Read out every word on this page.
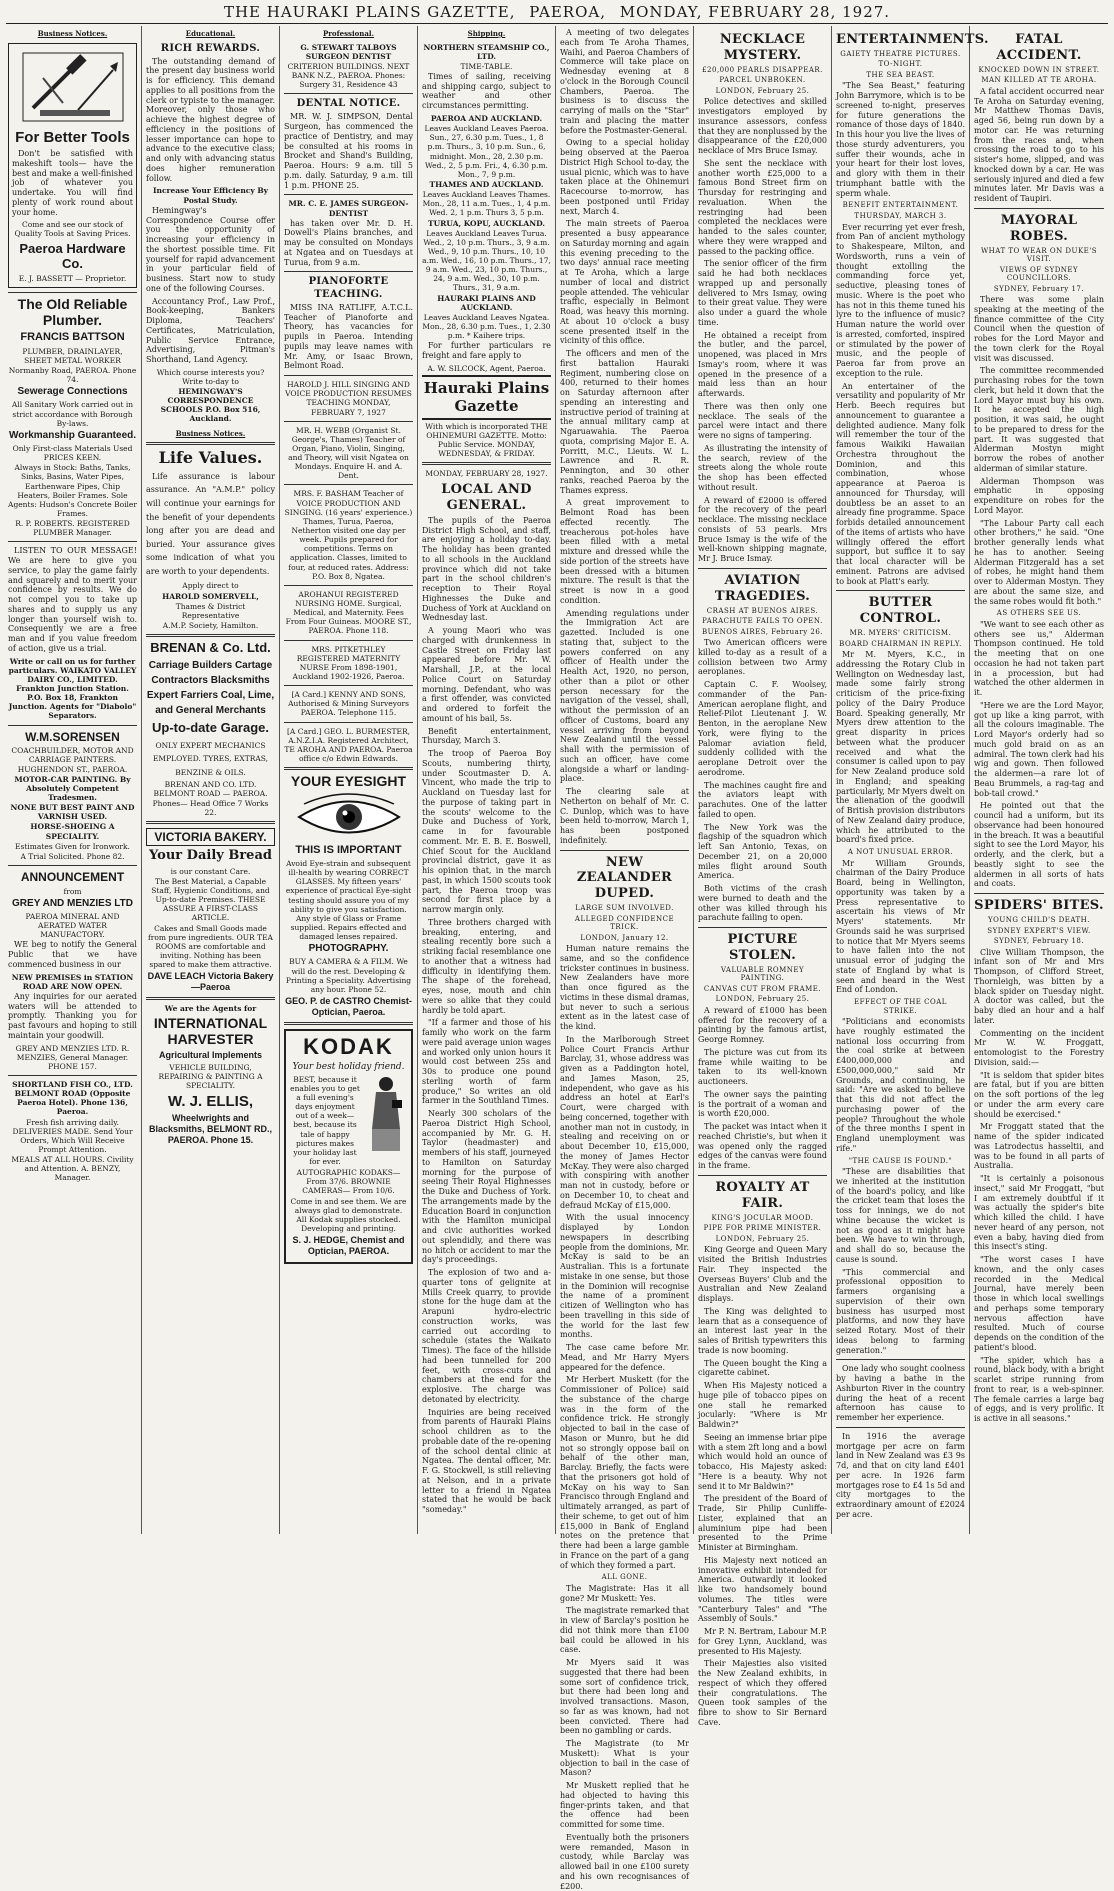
THE HAURAKI PLAINS GAZETTE, PAEROA, MONDAY, FEBRUARY 28, 1927.
Business Notices.
For Better Tools

Don't be satisfied with makeshift tools— have the best and make a well-finished job of whatever you undertake. You will find plenty of work round about your home.

Come and see our stock of Quality Tools at Saving Prices.
Paeroa Hardware Co.
E. J. BASSETT — Proprietor.
The Old Reliable Plumber.
FRANCIS BATTSON
PLUMBER, DRAINLAYER, SHEET METAL WORKER
Normanby Road, PAEROA. Phone 74.
Sewerage Connections
All Sanitary Work carried out in strict accordance with Borough By-laws.
Workmanship Guaranteed.
Only First-class Materials Used PRICES KEEN.
Always in Stock: Baths, Tanks, Sinks, Basins, Water Pipes, Earthenware Pipes, Chip Heaters, Boiler Frames. Sole Agents: Hudson's Concrete Boiler Frames.
R. P. ROBERTS. REGISTERED PLUMBER Manager.

LISTEN TO OUR MESSAGE! We are here to give you service, to play the game fairly and squarely and to merit your confidence by results. We do not compel you to take up shares and to supply us any longer than yourself wish to. Consequently we are a free man and if you value freedom of action, give us a trial.

Write or call on us for further particulars. WAIKATO VALLEY DAIRY CO., LIMITED. Frankton Junction Station. P.O. Box 18, Frankton Junction. Agents for "Diabolo" Separators.
W.M.SORENSEN
COACHBUILDER, MOTOR AND CARRIAGE PAINTERS. HUGHENDON ST., PAEROA.
MOTOR-CAR PAINTING. By Absolutely Competent Tradesmen.
NONE BUT BEST PAINT AND VARNISH USED.
HORSE-SHOEING A SPECIALITY.
Estimates Given for Ironwork.
A Trial Solicited. Phone 82.
ANNOUNCEMENT
from
GREY AND MENZIES LTD
PAEROA MINERAL AND AERATED WATER MANUFACTORY.

WE beg to notify the General Public that we have commenced business in our

NEW PREMISES in STATION ROAD ARE NOW OPEN.

Any inquiries for our aerated waters will be attended to promptly. Thanking you for past favours and hoping to still maintain your goodwill.

GREY AND MENZIES LTD. R. MENZIES, General Manager. PHONE 157.
SHORTLAND FISH CO., LTD. BELMONT ROAD (Opposite Paeroa Hotel). Phone 136, Paeroa.
Fresh fish arriving daily. DELIVERIES MADE. Send Your Orders, Which Will Receive Prompt Attention.
MEALS AT ALL HOURS. Civility and Attention. A. BENZY, Manager.
Educational.
RICH REWARDS.

The outstanding demand of the present day business world is for efficiency. This demand applies to all positions from the clerk or typiste to the manager. Moreover, only those who achieve the highest degree of efficiency in the positions of lesser importance can hope to advance to the executive class; and only with advancing status does higher remuneration follow.

Increase Your Efficiency By Postal Study.

Hemingway's Correspondence Course offer you the opportunity of increasing your efficiency in the shortest possible time. Fit yourself for rapid advancement in your particular field of business. Start now to study one of the following Courses.

Accountancy Prof., Law Prof., Book-keeping, Bankers Diploma, Teachers' Certificates, Matriculation, Public Service Entrance, Advertising, Pitman's Shorthand, Land Agency.

Which course interests you? Write to-day to
HEMINGWAY'S CORRESPONDENCE SCHOOLS P.O. Box 516, Auckland.
Business Notices.
Life Values.

Life assurance is labour assurance. An "A.M.P." policy will continue your earnings for the benefit of your dependents long after you are dead and buried. Your assurance gives some indication of what you are worth to your dependents.

Apply direct to
HAROLD SOMERVELL,
Thames & District Representative
A.M.P. Society, Hamilton.
BRENAN & Co. Ltd.
Carriage Builders Cartage Contractors Blacksmiths Expert Farriers Coal, Lime, and General Merchants
Up-to-date Garage.
ONLY EXPERT MECHANICS EMPLOYED. TYRES, EXTRAS, BENZINE & OILS.
BRENAN AND CO. LTD. BELMONT ROAD — PAEROA. Phones— Head Office 7 Works 22.
VICTORIA BAKERY.
Your Daily Bread
is our constant Care.
The Best Material, a Capable Staff, Hygienic Conditions, and Up-to-date Premises. THESE ASSURE A FIRST-CLASS ARTICLE.
Cakes and Small Goods made from pure ingredients. OUR TEA ROOMS are comfortable and inviting. Nothing has been spared to make them attractive.
DAVE LEACH Victoria Bakery—Paeroa
We are the Agents for
INTERNATIONAL HARVESTER
Agricultural Implements
VEHICLE BUILDING, REPAIRING & PAINTING A SPECIALITY.
W. J. ELLIS,
Wheelwrights and Blacksmiths, BELMONT RD., PAEROA. Phone 15.
Professional.
G. STEWART TALBOYS SURGEON DENTIST
CRITERION BUILDINGS. NEXT BANK N.Z., PAEROA. Phones: Surgery 31, Residence 43
DENTAL NOTICE.

MR. W. J. SIMPSON, Dental Surgeon, has commenced the practice of Dentistry, and may be consulted at his rooms in Brocket and Shand's Building, Paeroa. Hours: 9 a.m. till 5 p.m. daily. Saturday, 9 a.m. till 1 p.m. PHONE 25.

MR. C. E. JAMES SURGEON-DENTIST

has taken over Mr. D. H. Dowell's Plains branches, and may be consulted on Mondays at Ngatea and on Tuesdays at Turua, from 9 a.m.

PIANOFORTE TEACHING.

MISS INA RATLIFF, A.T.C.L. Teacher of Pianoforte and Theory, has vacancies for pupils in Paeroa. Intending pupils may leave names with Mr. Amy, or Isaac Brown, Belmont Road.

HAROLD J. HILL SINGING AND VOICE PRODUCTION RESUMES TEACHING MONDAY, FEBRUARY 7, 1927
MR. H. WEBB (Organist St. George's, Thames) Teacher of Organ, Piano, Violin, Singing, and Theory, will visit Ngatea on Mondays. Enquire H. and A. Dent.
MRS. F. BASHAM Teacher of VOICE PRODUCTION AND SINGING. (16 years' experience.) Thames, Turua, Paeroa, Netherton visited one day per week. Pupils prepared for competitions. Terms on application. Classes, limited to four, at reduced rates. Address: P.O. Box 8, Ngatea.
AROHANUI REGISTERED NURSING HOME. Surgical, Medical, and Maternity. Fees From Four Guineas. MOORE ST., PAEROA. Phone 118.
MRS. PITKETHLEY REGISTERED MATERNITY NURSE From 1898-1901, Auckland 1902-1926, Paeroa.
[A Card.] KENNY AND SONS, Authorised & Mining Surveyors PAEROA. Telephone 115.
[A Card.] GEO. L. BURMESTER, A.N.Z.I.A. Registered Architect, TE AROHA AND PAEROA. Paeroa office c/o Edwin Edwards.
YOUR EYESIGHT
THIS IS IMPORTANT
Avoid Eye-strain and subsequent ill-health by wearing CORRECT GLASSES. My fifteen years' experience of practical Eye-sight testing should assure you of my ability to give you satisfaction. Any style of Glass or Frame supplied. Repairs effected and damaged lenses repaired.
PHOTOGRAPHY.
BUY A CAMERA & A FILM. We will do the rest. Developing & Printing a Speciality. Advertising any hour. Phone 52.
GEO. P. de CASTRO Chemist-Optician, Paeroa.
KODAK
Your best holiday friend.
BEST, because it enables you to get a full evening's days enjoyment out of a week—best, because its tale of happy pictures makes your holiday last for ever.
AUTOGRAPHIC KODAKS— From 37/6. BROWNIE CAMERAS— From 10/6.
Come in and see them. We are always glad to demonstrate. All Kodak supplies stocked. Developing and printing.
S. J. HEDGE, Chemist and Optician, PAEROA.
Shipping.
NORTHERN STEAMSHIP CO., LTD.
TIME-TABLE.

Times of sailing, receiving and shipping cargo, subject to weather and other circumstances permitting.

PAEROA AND AUCKLAND.
Leaves Auckland Leaves Paeroa. Sun., 27, 6.30 p.m. Tues., 1, 8 p.m. Thurs., 3, 10 p.m. Sun., 6, midnight. Mon., 28, 2.30 p.m. Wed., 2, 5 p.m. Fri., 4, 6.30 p.m. Mon., 7, 9 p.m.
THAMES AND AUCKLAND.
Leaves Auckland Leaves Thames. Mon., 28, 11 a.m. Tues., 1, 4 p.m. Wed. 2, 1 p.m. Thurs 3, 5 p.m.
TURUA, KOPU, AUCKLAND.
Leaves Auckland Leaves Turua. Wed., 2, 10 p.m. Thurs., 3, 9 a.m. Wed., 9, 10 p.m. Thurs., 10, 10 a.m. Wed., 16, 10 p.m. Thurs., 17, 9 a.m. Wed., 23, 10 p.m. Thurs., 24, 9 a.m. Wed., 30, 10 p.m. Thurs., 31, 9 a.m.
HAURAKI PLAINS AND AUCKLAND.
Leaves Auckland Leaves Ngatea. Mon., 28, 6.30 p.m. Tues., 1, 2.30 p.m. * Kaihere trips.

For further particulars re freight and fare apply to

A. W. SILCOCK, Agent, Paeroa.
Hauraki Plains Gazette
With which is incorporated THE OHINEMURI GAZETTE. Motto: Public Service. MONDAY, WEDNESDAY, & FRIDAY.
MONDAY, FEBRUARY 28, 1927.
LOCAL AND GENERAL.

The pupils of the Paeroa District High School, and staff, are enjoying a holiday to-day. The holiday has been granted to all schools in the Auckland province which did not take part in the school children's reception to Their Royal Highnesses the Duke and Duchess of York at Auckland on Wednesday last.

A young Maori who was charged with drunkenness in Castle Street on Friday last appeared before Mr. W. Marshall, J.P., at the local Police Court on Saturday morning. Defendant, who was a first offender, was convicted and ordered to forfeit the amount of his bail, 5s.

Benefit entertainment, Thursday, March 3.

The troop of Paeroa Boy Scouts, numbering thirty, under Scoutmaster D. A. Vincent, who made the trip to Auckland on Tuesday last for the purpose of taking part in the scouts' welcome to the Duke and Duchess of York, came in for favourable comment. Mr. E. B. E. Boswell, Chief Scout for the Auckland provincial district, gave it as his opinion that, in the march past, in which 1500 scouts took part, the Paeroa troop was second for first place by a narrow margin only.

Three brothers charged with breaking, entering, and stealing recently bore such a striking facial resemblance one to another that a witness had difficulty in identifying them. The shape of the forehead, eyes, nose, mouth and chin were so alike that they could hardly be told apart.

"If a farmer and those of his family who work on the farm were paid average union wages and worked only union hours it would cost between 25s and 30s to produce one pound sterling worth of farm produce," So writes an old farmer in the Southland Times.

Nearly 300 scholars of the Paeroa District High School, accompanied by Mr. G. H. Taylor (headmaster) and members of his staff, journeyed to Hamilton on Saturday morning for the purpose of seeing Their Royal Highnesses the Duke and Duchess of York. The arrangements made by the Education Board in conjunction with the Hamilton municipal and civic authorities worked out splendidly, and there was no hitch or accident to mar the day's proceedings.

The explosion of two and a-quarter tons of gelignite at Mills Creek quarry, to provide stone for the huge dam at the Arapuni hydro-electric construction works, was carried out according to schedule (states the Waikato Times). The face of the hillside had been tunnelled for 200 feet, with cross-cuts and chambers at the end for the explosive. The charge was detonated by electricity.

Inquiries are being received from parents of Hauraki Plains school children as to the probable date of the re-opening of the school dental clinic at Ngatea. The dental officer, Mr. F. G. Stockwell, is still relieving at Nelson, and in a private letter to a friend in Ngatea stated that he would be back "someday."

A meeting of two delegates each from Te Aroha Thames, Waihi, and Paeroa Chambers of Commerce will take place on Wednesday evening at 8 o'clock in the Borough Council Chambers, Paeroa. The business is to discuss the carrying of mails on the "Star" train and placing the matter before the Postmaster-General.

Owing to a special holiday being observed at the Paeroa District High School to-day, the usual picnic, which was to have taken place at the Ohinemuri Racecourse to-morrow, has been postponed until Friday next, March 4.

The main streets of Paeroa presented a busy appearance on Saturday morning and again this evening preceding to the two days' annual race meeting at Te Aroha, which a large number of local and district people attended. The vehicular traffic, especially in Belmont Road, was heavy this morning. At about 10 o'clock a busy scene presented itself in the vicinity of this office.

The officers and men of the first battalion Hauraki Regiment, numbering close on 400, returned to their homes on Saturday afternoon after spending an interesting and instructive period of training at the annual military camp at Ngaruawahia. The Paeroa quota, comprising Major E. A. Porritt, M.C., Lieuts. W. L. Lawrence and R. R. Pennington, and 30 other ranks, reached Paeroa by the Thames express.

A great improvement to Belmont Road has been effected recently. The treacherous pot-holes have been filled with a metal mixture and dressed while the side portion of the streets have been dressed with a bitumen mixture. The result is that the street is now in a good condition.

Amending regulations under the Immigration Act are gazetted. Included is one stating that, subject to the powers conferred on any officer of Health under the Health Act, 1920, no person, other than a pilot or other person necessary for the navigation of the vessel, shall, without the permission of an officer of Customs, board any vessel arriving from beyond New Zealand until the vessel shall with the permission of such an officer, have come alongside a wharf or landing-place.

The clearing sale at Netherton on behalf of Mr. C. C. Dunlop, which was to have been held to-morrow, March 1, has been postponed indefinitely.

NEW ZEALANDER DUPED.
LARGE SUM INVOLVED.
ALLEGED CONFIDENCE TRICK.
LONDON, January 12.

Human nature remains the same, and so the confidence trickster continues in business. New Zealanders have more than once figured as the victims in these dismal dramas, but never to such a serious extent as in the latest case of the kind.

In the Marlborough Street Police Court Francis Arthur Barclay, 31, whose address was given as a Paddington hotel, and James Mason, 25, independent, who gave as his address an hotel at Earl's Court, were charged with being concerned, together with another man not in custody, in stealing and receiving on or about December 10, £15,000, the money of James Hector McKay. They were also charged with conspiring with another man not in custody, before or on December 10, to cheat and defraud McKay of £15,000.

With the usual innocency displayed by London newspapers in describing people from the dominions, Mr. McKay is said to be an Australian. This is a fortunate mistake in one sense, but those in the Dominion will recognise the name of a prominent citizen of Wellington who has been travelling in this side of the world for the last few months.

The case came before Mr. Mead, and Mr Harry Myers appeared for the defence.

Mr Herbert Muskett (for the Commissioner of Police) said the substance of the charge was in the form of the confidence trick. He strongly objected to bail in the case of Mason or Munro, but he did not so strongly oppose bail on behalf of the other man, Barclay. Briefly, the facts were that the prisoners got hold of McKay on his way to San Francisco through England and ultimately arranged, as part of their scheme, to get out of him £15,000 in Bank of England notes on the pretence that there had been a large gamble in France on the part of a gang of which they formed a part.

ALL GONE.

The Magistrate: Has it all gone? Mr Muskett: Yes.

The magistrate remarked that in view of Barclay's position he did not think more than £100 bail could be allowed in his case.

Mr Myers said it was suggested that there had been some sort of confidence trick, but there had been long and involved transactions. Mason, so far as was known, had not been convicted. There had been no gambling or cards.

The Magistrate (to Mr Muskett): What is your objection to bail in the case of Mason?

Mr Muskett replied that he had objected to having this finger-prints taken, and that the offence had been committed for some time.

Eventually both the prisoners were remanded, Mason in custody, while Barclay was allowed bail in one £100 surety and his own recognisances of £200.

NECKLACE MYSTERY.
£20,000 PEARLS DISAPPEAR.
PARCEL UNBROKEN.
LONDON, February 25.

Police detectives and skilled investigators employed by insurance assessors, confess that they are nonplussed by the disappearance of the £20,000 necklace of Mrs Bruce Ismay.

She sent the necklace with another worth £25,000 to a famous Bond Street firm on Thursday for restringing and revaluation. When the restringing had been completed the necklaces were handed to the sales counter, where they were wrapped and passed to the packing office.

The senior officer of the firm said he had both necklaces wrapped up and personally delivered to Mrs Ismay, owing to their great value. They were also under a guard the whole time.

He obtained a receipt from the butler, and the parcel, unopened, was placed in Mrs Ismay's room, where it was opened in the presence of a maid less than an hour afterwards.

There was then only one necklace. The seals of the parcel were intact and there were no signs of tampering.

As illustrating the intensity of the search, review of the streets along the whole route the shop has been effected without result.

A reward of £2000 is offered for the recovery of the pearl necklace. The missing necklace consists of 53 pearls. Mrs Bruce Ismay is the wife of the well-known shipping magnate, Mr J. Bruce Ismay.

AVIATION TRAGEDIES.
CRASH AT BUENOS AIRES.
PARACHUTE FAILS TO OPEN.
BUENOS AIRES, February 26.

Two American officers were killed to-day as a result of a collision between two Army aeroplanes.

Captain C. F. Woolsey, commander of the Pan-American aeroplane flight, and Relief-Pilot Lieutenant J. W. Benton, in the aeroplane New York, were flying to the Palomar aviation field, suddenly collided with the aeroplane Detroit over the aerodrome.

The machines caught fire and the aviators leapt with parachutes. One of the latter failed to open.

The New York was the flagship of the squadron which left San Antonio, Texas, on December 21, on a 20,000 miles flight around South America.

Both victims of the crash were burned to death and the other was killed through his parachute failing to open.

PICTURE STOLEN.
VALUABLE ROMNEY PAINTING.
CANVAS CUT FROM FRAME.
LONDON, February 25.

A reward of £1000 has been offered for the recovery of a painting by the famous artist, George Romney.

The picture was cut from its frame while waiting to be taken to its well-known auctioneers.

The owner says the painting is the portrait of a woman and is worth £20,000.

The packet was intact when it reached Christie's, but when it was opened only the ragged edges of the canvas were found in the frame.

ROYALTY AT FAIR.
KING'S JOCULAR MOOD.
PIPE FOR PRIME MINISTER.
LONDON, February 25.

King George and Queen Mary visited the British Industries Fair. They inspected the Overseas Buyers' Club and the Australian and New Zealand displays.

The King was delighted to learn that as a consequence of an interest last year in the sales of British typewriters this trade is now booming.

The Queen bought the King a cigarette cabinet.

When His Majesty noticed a huge pile of tobacco pipes on one stall he remarked jocularly: "Where is Mr Baldwin?"

Seeing an immense briar pipe with a stem 2ft long and a bowl which would hold an ounce of tobacco, His Majesty asked: "Here is a beauty. Why not send it to Mr Baldwin?"

The president of the Board of Trade, Sir Philip Cunliffe-Lister, explained that an aluminium pipe had been presented to the Prime Minister at Birmingham.

His Majesty next noticed an innovative exhibit intended for America. Outwardly it looked like two handsomely bound volumes. The titles were "Canterbury Tales" and "The Assembly of Souls."

Mr P. N. Bertram, Labour M.P. for Grey Lynn, Auckland, was presented to His Majesty.

Their Majesties also visited the New Zealand exhibits, in respect of which they offered their congratulations. The Queen took samples of the fibre to show to Sir Bernard Cave.

ENTERTAINMENTS.
GAIETY THEATRE PICTURES.
TO-NIGHT.
THE SEA BEAST.

"The Sea Beast," featuring John Barrymore, which is to be screened to-night, preserves for future generations the romance of those days of 1840. In this hour you live the lives of those sturdy adventurers, you suffer their wounds, ache in your heart for their lost loves, and glory with them in their triumphant battle with the sperm whale.

BENEFIT ENTERTAINMENT.
THURSDAY, MARCH 3.

Ever recurring yet ever fresh, from Pan of ancient mythology to Shakespeare, Milton, and Wordsworth, runs a vein of thought extolling the commanding force yet, seductive, pleasing tones of music. Where is the poet who has not in this theme tuned his lyre to the influence of music? Human nature the world over is arrested, comforted, inspired or stimulated by the power of music, and the people of Paeroa far from prove an exception to the rule.

An entertainer of the versatility and popularity of Mr Herb. Beech requires but announcement to guarantee a delighted audience. Many folk will remember the tour of the famous Waikiki Hawaiian Orchestra throughout the Dominion, and this combination, whose appearance at Paeroa is announced for Thursday, will doubtless be an asset to an already fine programme. Space forbids detailed announcement of the items of artists who have willingly offered the effort support, but suffice it to say that local character will be eminent. Patrons are advised to book at Platt's early.

BUTTER CONTROL.
MR. MYERS' CRITICISM.
BOARD CHAIRMAN IN REPLY.

Mr M. Myers, K.C., in addressing the Rotary Club in Wellington on Wednesday last, made some fairly strong criticism of the price-fixing policy of the Dairy Produce Board. Speaking generally, Mr Myers drew attention to the great disparity in prices between what the producer received and what the consumer is called upon to pay for New Zealand produce sold in England; and speaking particularly, Mr Myers dwelt on the alienation of the goodwill of British provision distributors of New Zealand dairy produce, which he attributed to the board's fixed price.

A NOT UNUSUAL ERROR.

Mr William Grounds, chairman of the Dairy Produce Board, being in Wellington, opportunity was taken by a Press representative to ascertain his views of Mr Myers' statements. Mr Grounds said he was surprised to notice that Mr Myers seems to have fallen into the not unusual error of judging the state of England by what is seen and heard in the West End of London.

EFFECT OF THE COAL STRIKE.

"Politicians and economists have roughly estimated the national loss occurring from the coal strike at between £400,000,000 and £500,000,000," said Mr Grounds, and continuing, he said: "Are we asked to believe that this did not affect the purchasing power of the people? Throughout the whole of the three months I spent in England unemployment was rife."

"THE CAUSE IS FOUND."

"These are disabilities that we inherited at the institution of the board's policy, and like the cricket team that loses the toss for innings, we do not whine because the wicket is not as good as it might have been. We have to win through, and shall do so, because the cause is sound.

"This commercial and professional opposition to farmers organising a supervision of their own business has usurped most platforms, and now they have seized Rotary. Most of their ideas belong to farming generation."

One lady who sought coolness by having a bathe in the Ashburton River in the country during the heat of a recent afternoon has cause to remember her experience.

In 1916 the average mortgage per acre on farm land in New Zealand was £3 9s 7d, and that on city land £401 per acre. In 1926 farm mortgages rose to £4 1s 5d and city mortgages to the extraordinary amount of £2024 per acre.

FATAL ACCIDENT.
KNOCKED DOWN IN STREET.
MAN KILLED AT TE AROHA.

A fatal accident occurred near Te Aroha on Saturday evening, Mr Matthew Thomas Davis, aged 56, being run down by a motor car. He was returning from the races and, when crossing the road to go to his sister's home, slipped, and was knocked down by a car. He was seriously injured and died a few minutes later. Mr Davis was a resident of Taupiri.

MAYORAL ROBES.
WHAT TO WEAR ON DUKE'S VISIT.
VIEWS OF SYDNEY COUNCILLORS.
SYDNEY, February 17.

There was some plain speaking at the meeting of the finance committee of the City Council when the question of robes for the Lord Mayor and the town clerk for the Royal visit was discussed.

The committee recommended purchasing robes for the town clerk, but held it down that the Lord Mayor must buy his own. It he accepted the high position, it was said, he ought to be prepared to dress for the part. It was suggested that Alderman Mostyn might borrow the robes of another alderman of similar stature.

Alderman Thompson was emphatic in opposing expenditure on robes for the Lord Mayor.

"The Labour Party call each other brothers," he said. "One brother generally lends what he has to another. Seeing Alderman Fitzgerald has a set of robes, he might hand them over to Alderman Mostyn. They are about the same size, and the same robes would fit both."

AS OTHERS SEE US.

"We want to see each other as others see us," Alderman Thompson continued. He told the meeting that on one occasion he had not taken part in a procession, but had watched the other aldermen in it.

"Here we are the Lord Mayor, got up like a king parrot, with all the colours imaginable. The Lord Mayor's orderly had so much gold braid on as an admiral. The town clerk had his wig and gown. Then followed the aldermen—a rare lot of Beau Brummels, a rag-tag and bob-tail crowd."

He pointed out that the council had a uniform, but its observance had been honoured in the breach. It was a beautiful sight to see the Lord Mayor, his orderly, and the clerk, but a beastly sight to see the aldermen in all sorts of hats and coats.

SPIDERS' BITES.
YOUNG CHILD'S DEATH.
SYDNEY EXPERT'S VIEW.
SYDNEY, February 18.

Clive William Thompson, the infant son of Mr and Mrs Thompson, of Clifford Street, Thornleigh, was bitten by a black spider on Tuesday night. A doctor was called, but the baby died an hour and a half later.

Commenting on the incident Mr W. W. Froggatt, entomologist to the Forestry Division, said:—

"It is seldom that spider bites are fatal, but if you are bitten on the soft portions of the leg or under the arm every care should be exercised."

Mr Froggatt stated that the name of the spider indicated was Latrodectus hasseltii, and was to be found in all parts of Australia.

"It is certainly a poisonous insect," said Mr Froggatt, "but I am extremely doubtful if it was actually the spider's bite which killed the child. I have never heard of any person, not even a baby, having died from this insect's sting.

"The worst cases I have known, and the only cases recorded in the Medical Journal, have merely been those in which local swellings and perhaps some temporary nervous affection have resulted. Much of course depends on the condition of the patient's blood.

"The spider, which has a round, black body, with a bright scarlet stripe running from front to rear, is a web-spinner. The female carries a large bag of eggs, and is very prolific. It is active in all seasons."
